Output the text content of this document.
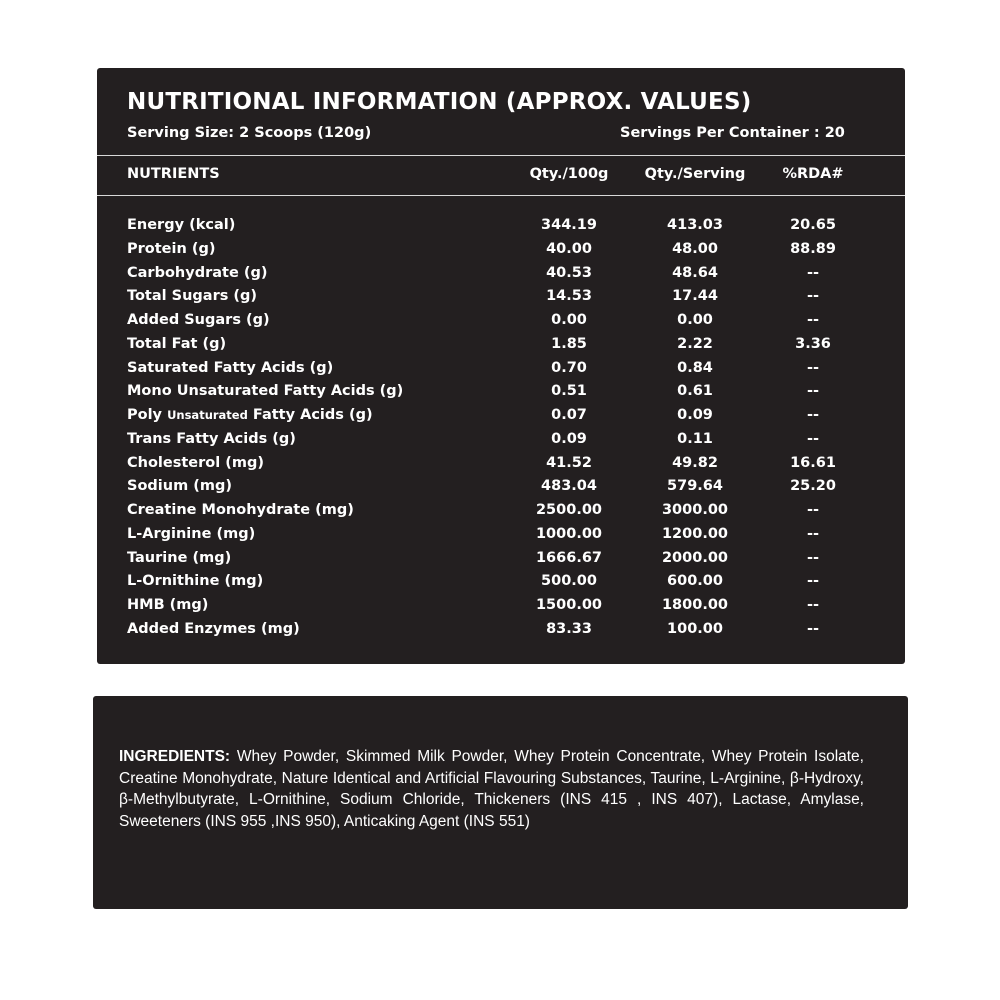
NUTRITIONAL INFORMATION (APPROX. VALUES)
Serving Size: 2 Scoops (120g)	Servings Per Container : 20
NUTRIENTS	Qty./100g Qty./Serving	%RDA#
Energy (kcal)	344.19	413.03	20.65
Protein (g)	40.00	48.00	88.89
Carbohydrate (g)	40.53	48.64	--
Total Sugars (g)	14.53	17.44	--
Added Sugars (g)	0.00	0.00	--
Total Fat (g)	1.85	2.22	3.36
Saturated Fatty Acids (g)	0.70	0.84	--
Mono Unsaturated Fatty Acids (g)	0.51	0.61	--
Poly Unsaturated Fatty Acids (g)	0.07	0.09	--
Trans Fatty Acids (g)	0.09	0.11	--
Cholesterol (mg)	41.52	49.82	16.61
Sodium (mg)	483.04	579.64	25.20
Creatine Monohydrate (mg)	2500.00	3000.00	--
L-Arginine (mg)	1000.00	1200.00	--
Taurine (mg)	1666.67	2000.00	--
L-Ornithine (mg)	500.00	600.00	--
HMB (mg)	1500.00	1800.00	--
Added Enzymes (mg)	83.33	100.00	--
INGREDIENTS: Whey Powder, Skimmed Milk Powder, Whey Protein Concentrate, Whey Protein Isolate, Creatine Monohydrate, Nature Identical and Artificial Flavouring Substances, Taurine, L-Arginine, β-Hydroxy, β-Methylbutyrate, L-Ornithine, Sodium Chloride, Thickeners (INS 415 , INS 407), Lactase, Amylase, Sweeteners (INS 955 ,INS 950), Anticaking Agent (INS 551)
